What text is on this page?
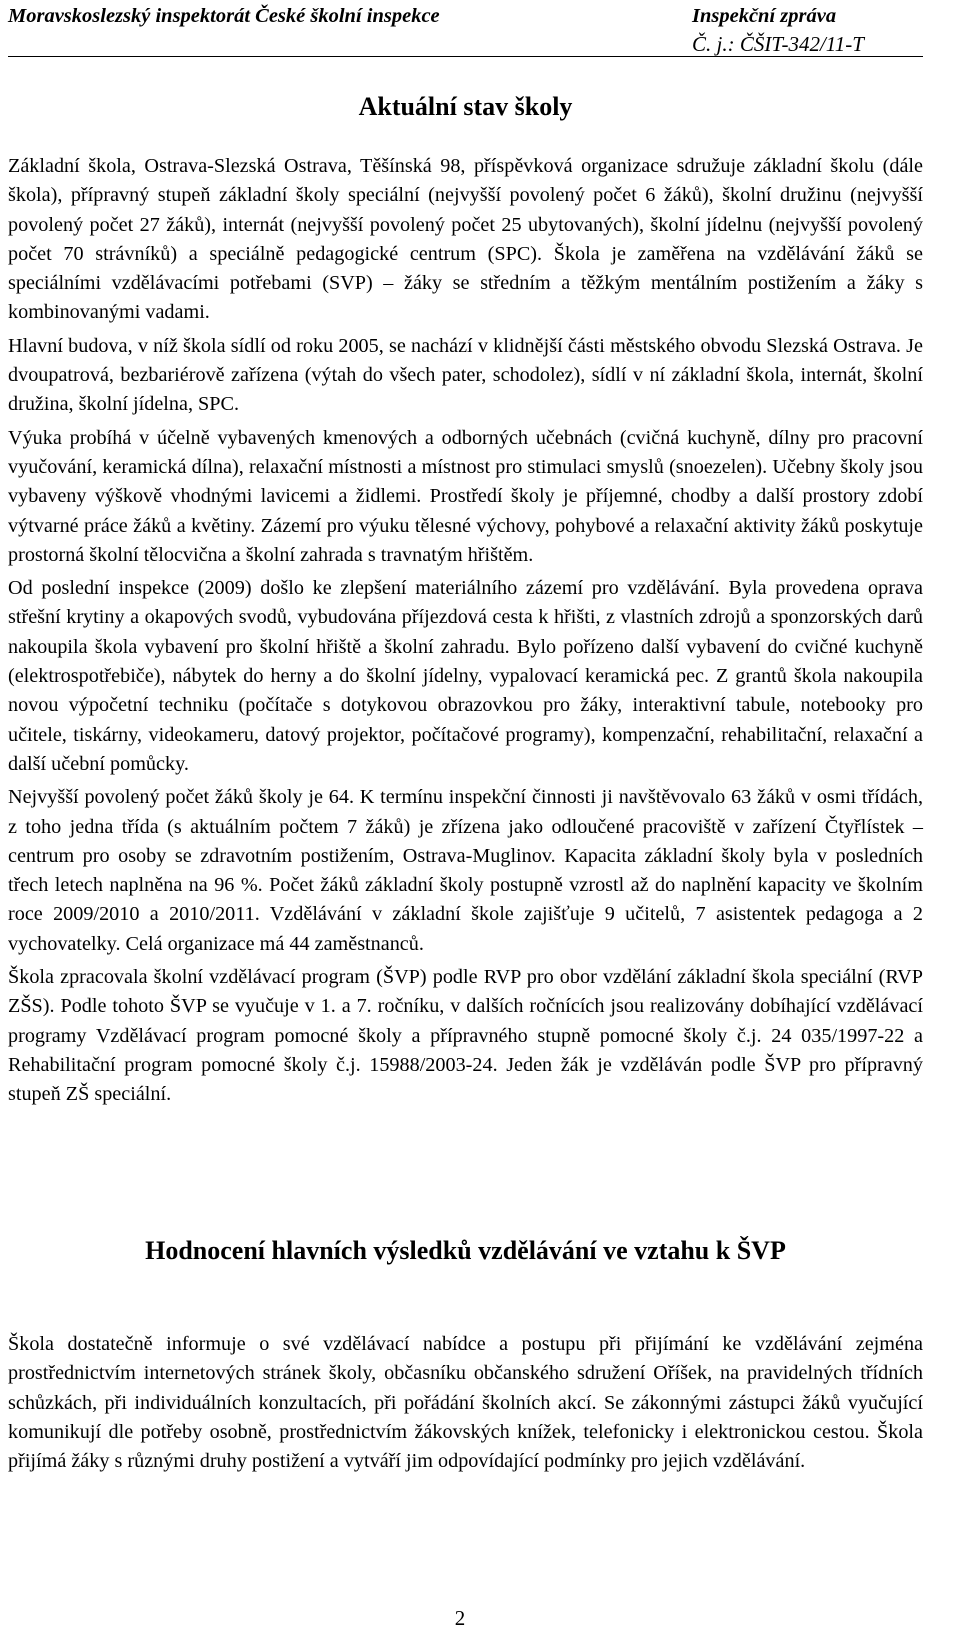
Moravskoslezský inspektorát České školní inspekce	Inspekční zpráva
Č. j.: ČŠIT-342/11-T
Aktuální stav školy

Základní škola, Ostrava-Slezská Ostrava, Těšínská 98, příspěvková organizace sdružuje základní školu (dále škola), přípravný stupeň základní školy speciální (nejvyšší povolený počet 6 žáků), školní družinu (nejvyšší povolený počet 27 žáků), internát (nejvyšší povolený počet 25 ubytovaných), školní jídelnu (nejvyšší povolený počet 70 strávníků) a speciálně pedagogické centrum (SPC). Škola je zaměřena na vzdělávání žáků se speciálními vzdělávacími potřebami (SVP) – žáky se středním a těžkým mentálním postižením a žáky s kombinovanými vadami.

Hlavní budova, v níž škola sídlí od roku 2005, se nachází v klidnější části městského obvodu Slezská Ostrava. Je dvoupatrová, bezbariérově zařízena (výtah do všech pater, schodolez), sídlí v ní základní škola, internát, školní družina, školní jídelna, SPC.

Výuka probíhá v účelně vybavených kmenových a odborných učebnách (cvičná kuchyně, dílny pro pracovní vyučování, keramická dílna), relaxační místnosti a místnost pro stimulaci smyslů (snoezelen). Učebny školy jsou vybaveny výškově vhodnými lavicemi a židlemi. Prostředí školy je příjemné, chodby a další prostory zdobí výtvarné práce žáků a květiny. Zázemí pro výuku tělesné výchovy, pohybové a relaxační aktivity žáků poskytuje prostorná školní tělocvična a školní zahrada s travnatým hřištěm.

Od poslední inspekce (2009) došlo ke zlepšení materiálního zázemí pro vzdělávání. Byla provedena oprava střešní krytiny a okapových svodů, vybudována příjezdová cesta k hřišti, z vlastních zdrojů a sponzorských darů nakoupila škola vybavení pro školní hřiště a školní zahradu. Bylo pořízeno další vybavení do cvičné kuchyně (elektrospotřebiče), nábytek do herny a do školní jídelny, vypalovací keramická pec. Z grantů škola nakoupila novou výpočetní techniku (počítače s dotykovou obrazovkou pro žáky, interaktivní tabule, notebooky pro učitele, tiskárny, videokameru, datový projektor, počítačové programy), kompenzační, rehabilitační, relaxační a další učební pomůcky.

Nejvyšší povolený počet žáků školy je 64. K termínu inspekční činnosti ji navštěvovalo 63 žáků v osmi třídách, z toho jedna třída (s aktuálním počtem 7 žáků) je zřízena jako odloučené pracoviště v zařízení Čtyřlístek – centrum pro osoby se zdravotním postižením, Ostrava-Muglinov. Kapacita základní školy byla v posledních třech letech naplněna na 96 %. Počet žáků základní školy postupně vzrostl až do naplnění kapacity ve školním roce 2009/2010 a 2010/2011. Vzdělávání v základní škole zajišťuje 9 učitelů, 7 asistentek pedagoga a 2 vychovatelky. Celá organizace má 44 zaměstnanců.

Škola zpracovala školní vzdělávací program (ŠVP) podle RVP pro obor vzdělání základní škola speciální (RVP ZŠS). Podle tohoto ŠVP se vyučuje v 1. a 7. ročníku, v dalších ročnících jsou realizovány dobíhající vzdělávací programy Vzdělávací program pomocné školy a přípravného stupně pomocné školy č.j. 24 035/1997-22 a Rehabilitační program pomocné školy č.j. 15988/2003-24. Jeden žák je vzděláván podle ŠVP pro přípravný stupeň ZŠ speciální.

Hodnocení hlavních výsledků vzdělávání ve vztahu k ŠVP

Škola dostatečně informuje o své vzdělávací nabídce a postupu při přijímání ke vzdělávání zejména prostřednictvím internetových stránek školy, občasníku občanského sdružení Oříšek, na pravidelných třídních schůzkách, při individuálních konzultacích, při pořádání školních akcí. Se zákonnými zástupci žáků vyučující komunikují dle potřeby osobně, prostřednictvím žákovských knížek, telefonicky i elektronickou cestou. Škola přijímá žáky s různými druhy postižení a vytváří jim odpovídající podmínky pro jejich vzdělávání.

2
